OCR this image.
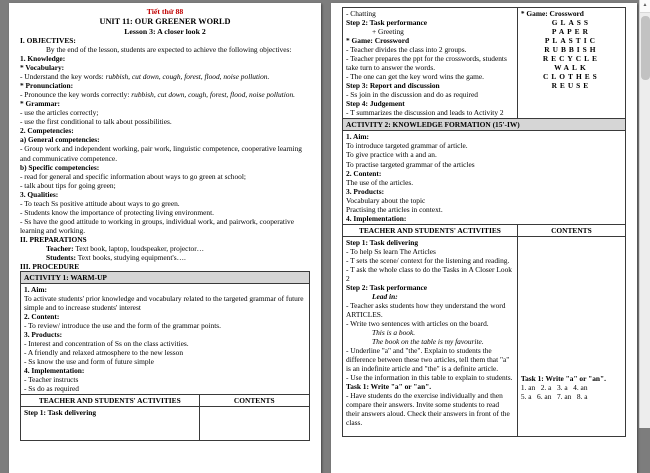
Tiết thứ 88
UNIT 11: OUR GREENER WORLD
Lesson 3: A closer look 2
I. OBJECTIVES:
By the end of the lesson, students are expected to achieve the following objectives:
1. Knowledge:
* Vocabulary:
- Understand the key words: rubbish, cut down, cough, forest, flood, noise pollution.
* Pronunciation:
- Pronounce the key words correctly: rubbish, cut down, cough, forest, flood, noise pollution.
* Grammar:
- use the articles correctly;
- use the first conditional to talk about possibilities.
2. Competencies:
a) General competencies:
- Group work and independent working, pair work, linguistic competence, cooperative learning and communicative competence.
b) Specific competencies:
- read for general and specific information about ways to go green at school;
- talk about tips for going green;
3. Qualities:
- To teach Ss positive attitude about ways to go green.
- Students know the importance of protecting living environment.
- Ss have the good attitude to working in groups, individual work, and pairwork, cooperative learning and working.
II. PREPARATIONS
Teacher: Text book, laptop, loudspeaker, projector…
Students: Text books, studying equipment's….
III. PROCEDURE
ACTIVITY 1: WARM-UP
1. Aim:
To activate students' prior knowledge and vocabulary related to the targeted grammar of future simple and to increase students' interest
2. Content:
- To review/ introduce the use and the form of the grammar points.
3. Products:
- Interest and concentration of Ss on the class activities.
- A friendly and relaxed atmosphere to the new lesson
- Ss know the use and form of future simple
4. Implementation:
- Teacher instructs
- Ss do as required
TEACHER AND STUDENTS' ACTIVITIES	CONTENTS
Step 1: Task delivering
- Chatting
Step 2: Task performance
+ Greeting
* Game: Crossword
- Teacher divides the class into 2 groups.
- Teacher prepares the ppt for the crosswords, students take turn to answer the words.
- The one can get the key word wins the game.
Step 3: Report and discussion
- Ss join in the discussion and do as required
Step 4: Judgement
- T summarizes the discussion and leads to Activity 2
* Game: Crossword
GLASS
PAPER
PLASTIC
RUBBISH
RECYCLE
WALK
CLOTHES
REUSE
ACTIVITY 2: KNOWLEDGE FORMATION (15'-IW)
1. Aim:
To introduce targeted grammar of article.
To give practice with a and an.
To practise targeted grammar of the articles
2. Content:
The use of the articles.
3. Products:
Vocabulary about the topic
Practising the articles in context.
4. Implementation:
TEACHER AND STUDENTS' ACTIVITIES	CONTENTS
Step 1: Task delivering
- To help Ss learn The Articles
- T sets the scene/ context for the listening and reading.
- T ask the whole class to do the Tasks in A Closer Look 2
Step 2: Task performance
Lead in:
- Teacher asks students how they understand the word ARTICLES.
- Write two sentences with articles on the board.
This is a book.
The book on the table is my favourite.
- Underline "a" and "the". Explain to students the difference between these two articles, tell them that "a" is an indefinite article and "the" is a definite article.
- Use the information in this table to explain to students.
Task 1: Write "a" or "an".
- Have students do the exercise individually and then compare their answers. Invite some students to read their answers aloud. Check their answers in front of the class.
Task 1: Write "a" or "an".
1. an   2. a   3. a   4. an
5. a   6. an   7. an   8. a
▲
